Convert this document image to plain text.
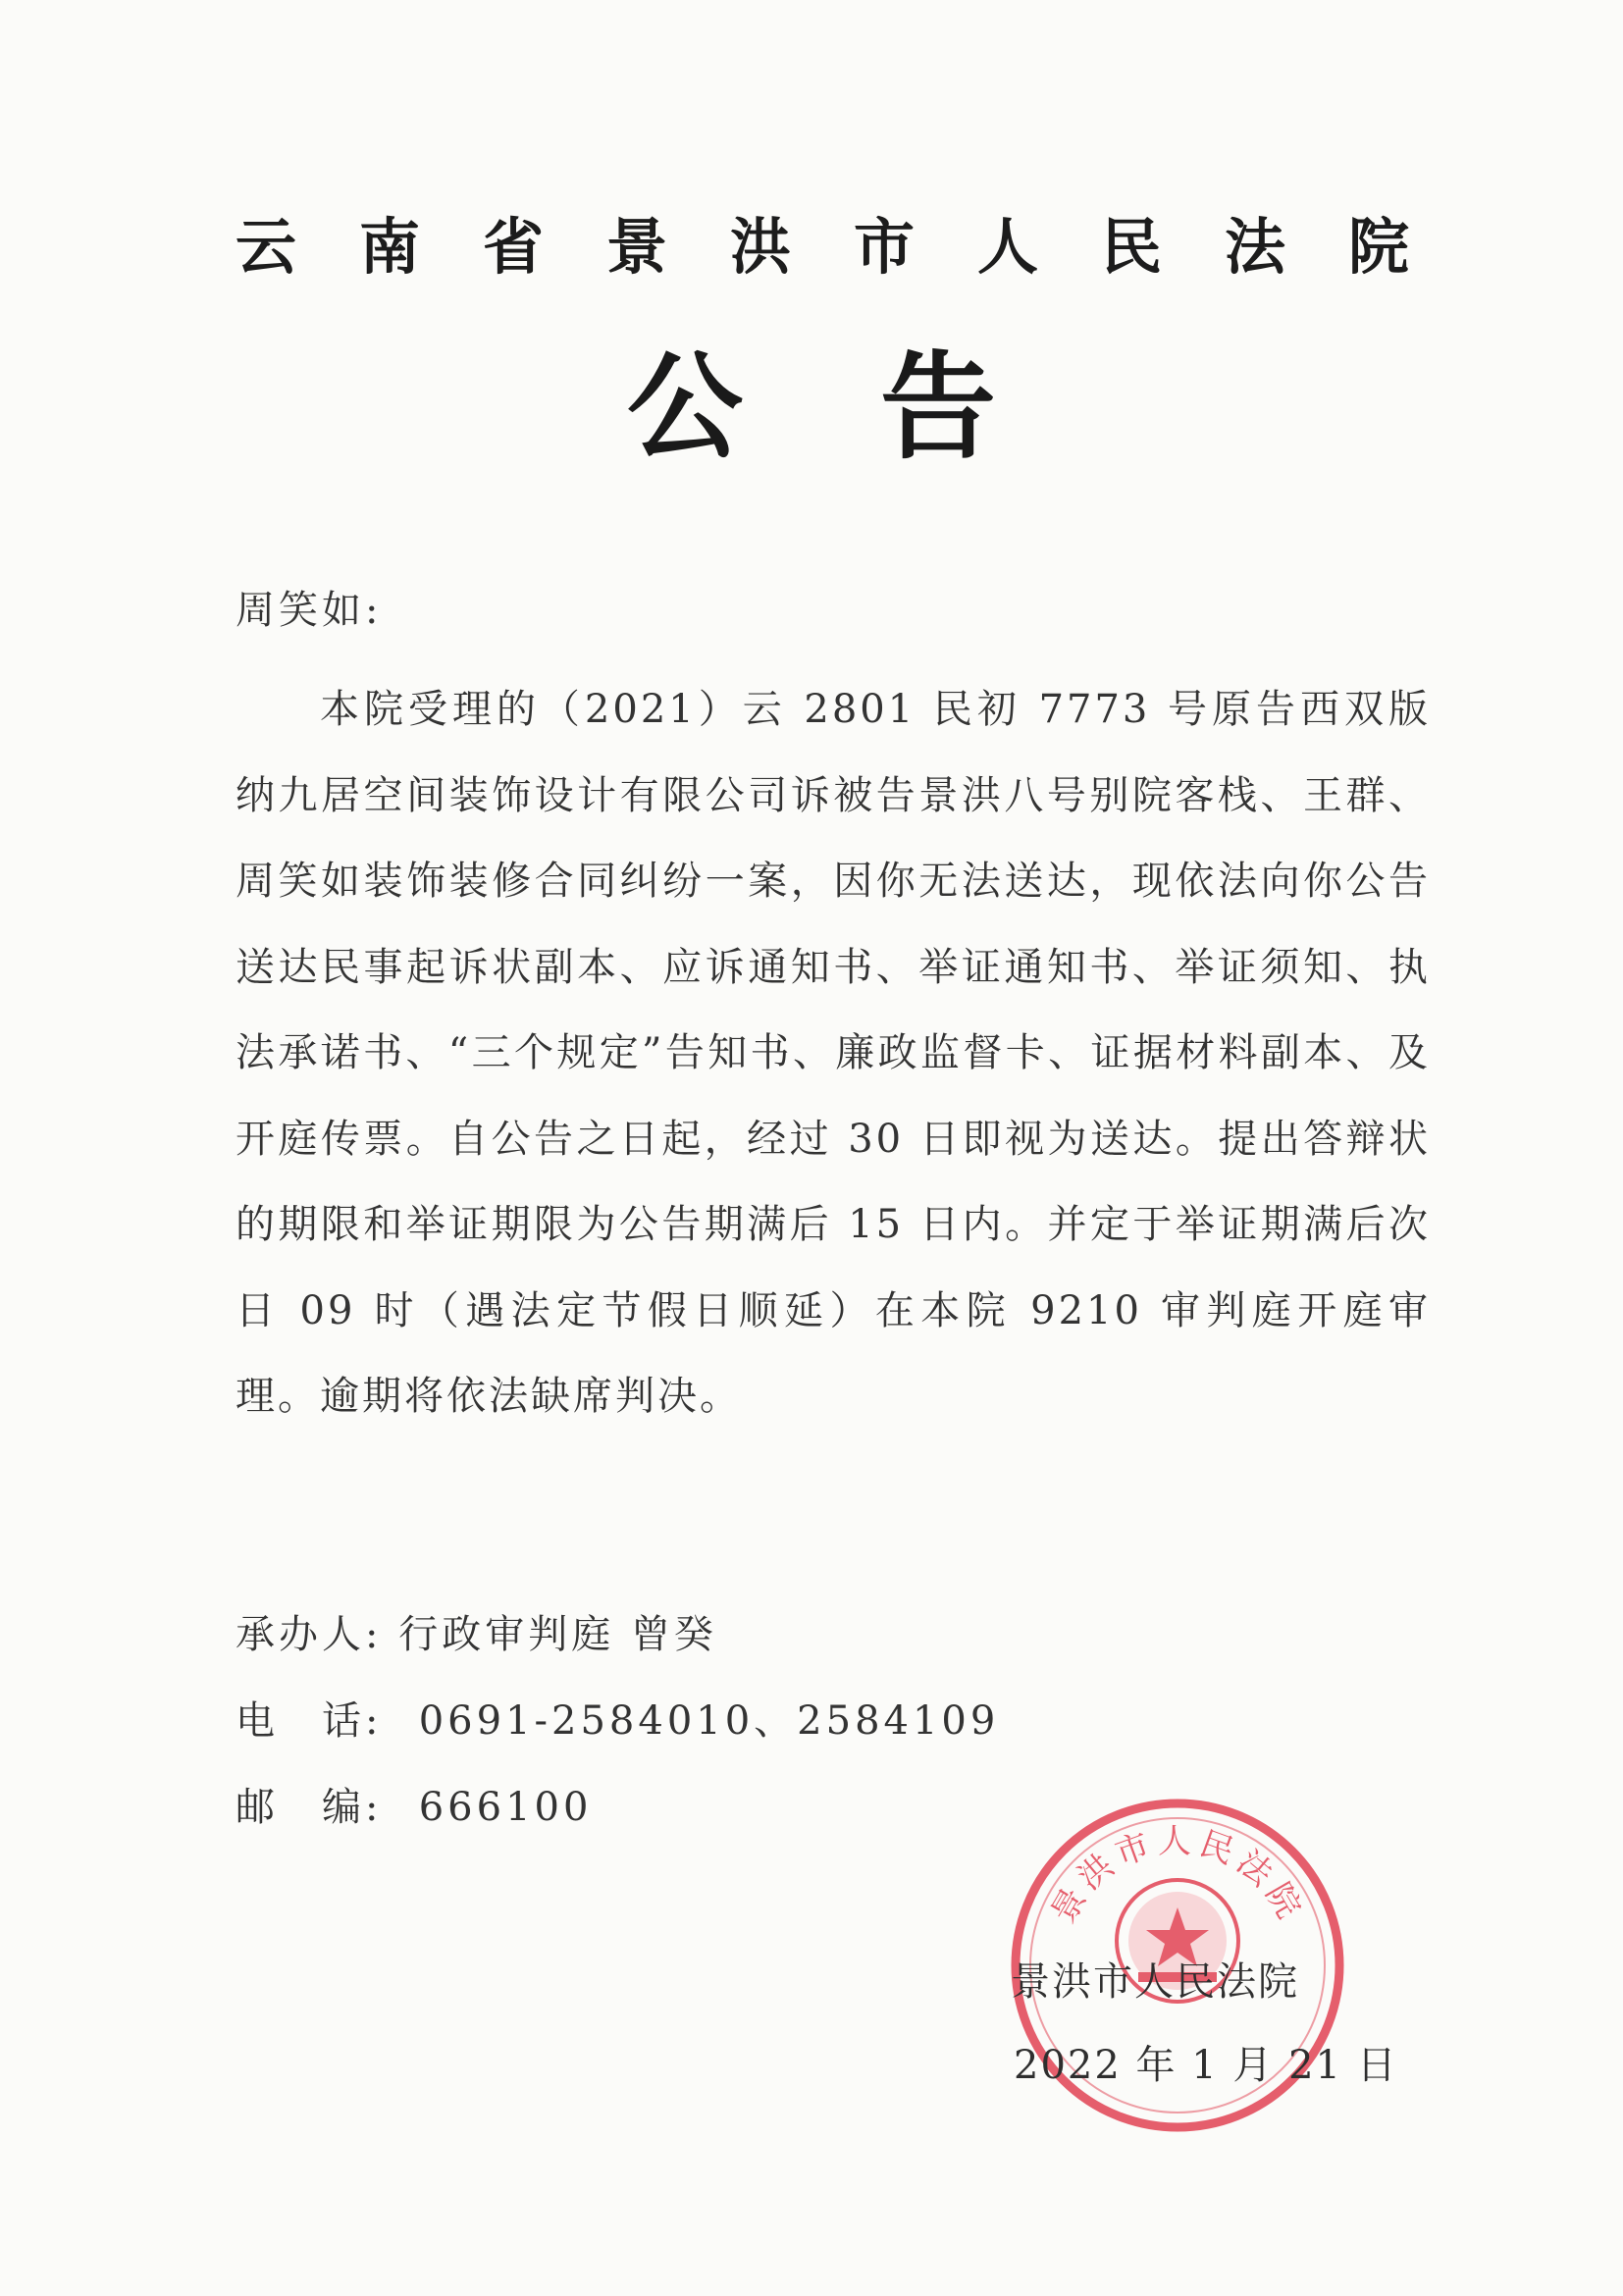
云南省景洪市人民法院
公告
周笑如:
本院受理的（2021）云 2801 民初 7773 号原告西双版纳九居空间装饰设计有限公司诉被告景洪八号别院客栈、王群、周笑如装饰装修合同纠纷一案，因你无法送达，现依法向你公告送达民事起诉状副本、应诉通知书、举证通知书、举证须知、执法承诺书、“三个规定”告知书、廉政监督卡、证据材料副本、及开庭传票。自公告之日起，经过 30 日即视为送达。提出答辩状的期限和举证期限为公告期满后 15 日内。并定于举证期满后次日 09 时（遇法定节假日顺延）在本院 9210 审判庭开庭审理。逾期将依法缺席判决。
承办人: 行政审判庭 曾癸
电　话: 0691-2584010、2584109
邮　编: 666100
景洪市人民法院
景洪市人民法院
2022 年 1 月 21 日
